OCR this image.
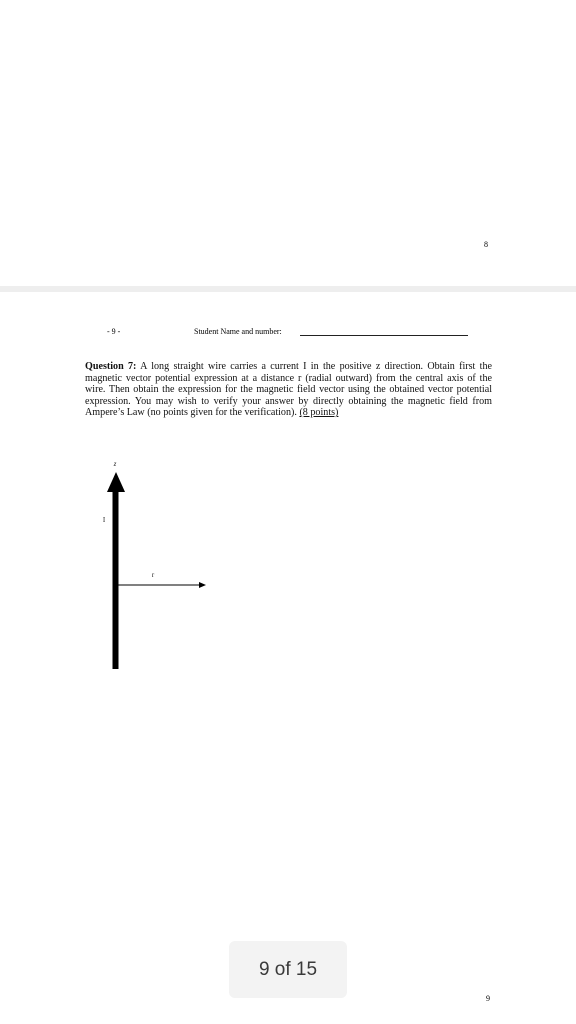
8
- 9 -	Student Name and number:
Question 7: A long straight wire carries a current I in the positive z direction. Obtain first the magnetic vector potential expression at a distance r (radial outward) from the central axis of the wire. Then obtain the expression for the magnetic field vector using the obtained vector potential expression. You may wish to verify your answer by directly obtaining the magnetic field from Ampere’s Law (no points given for the verification). (8 points)
z
I
r
9 of 15
9
